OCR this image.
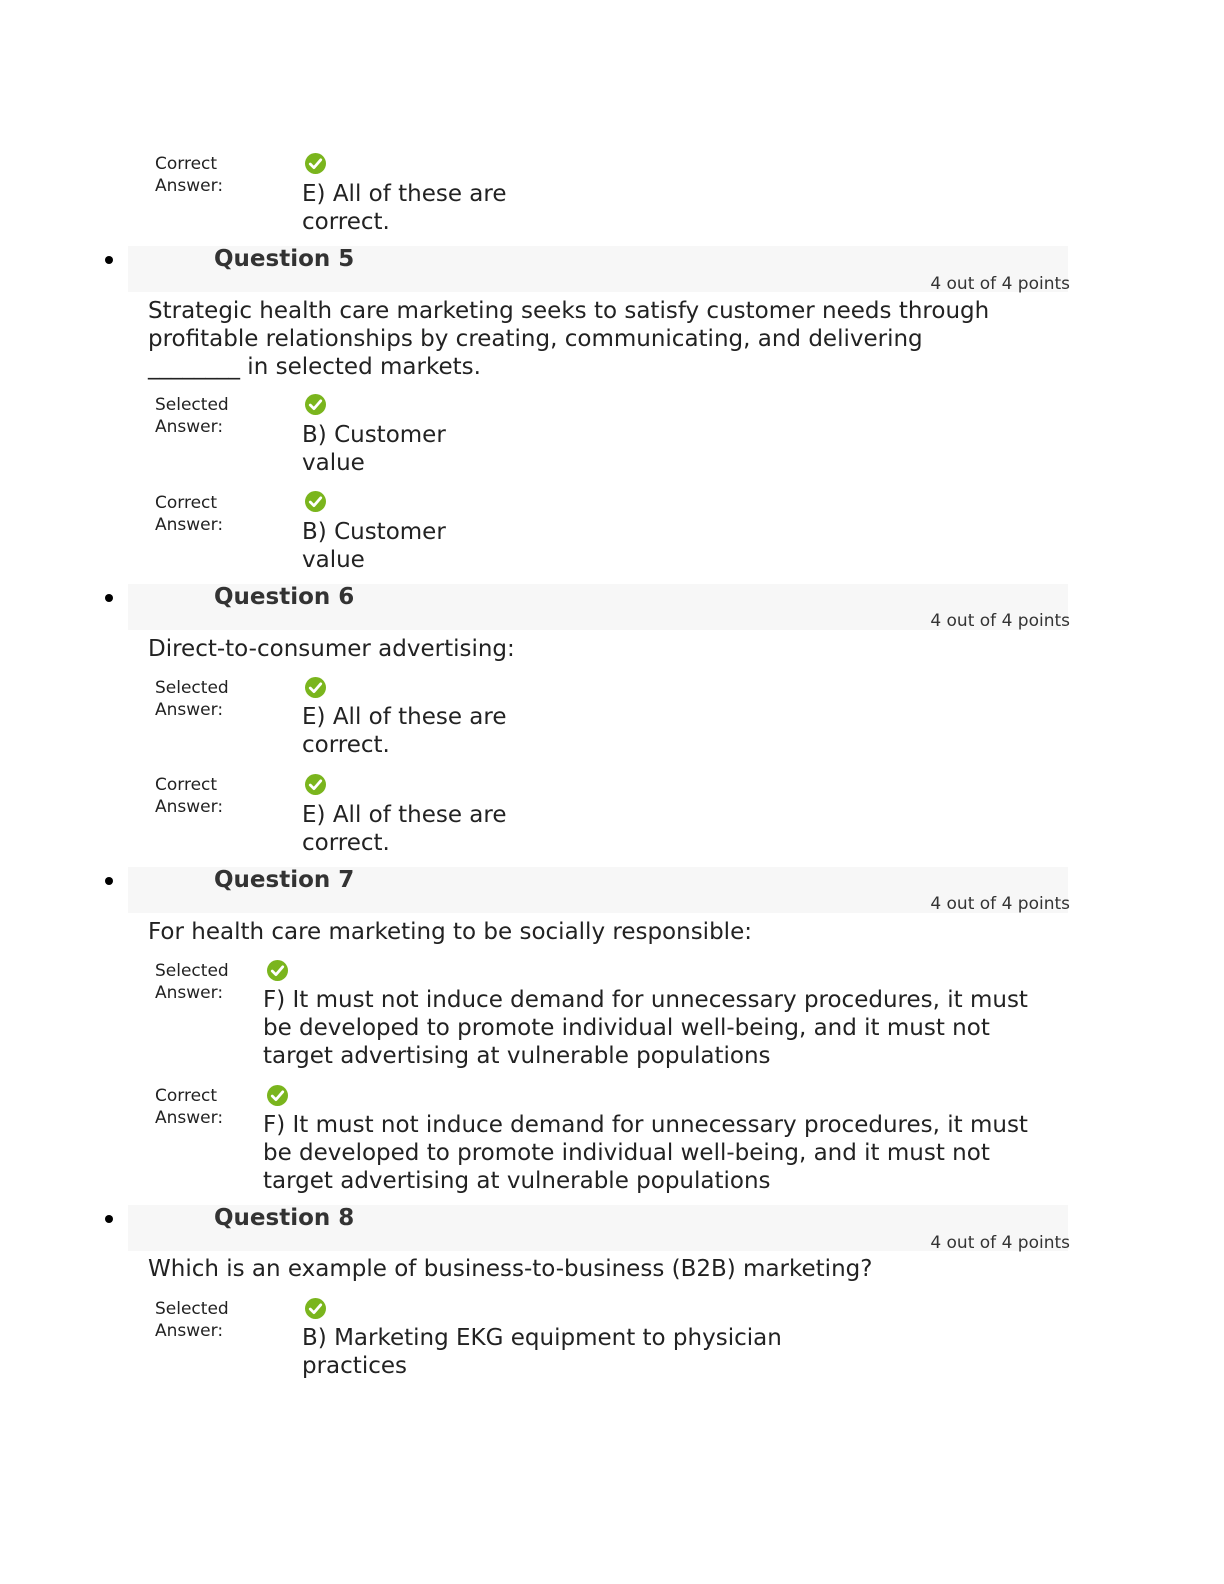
Correct Answer:	E) All of these are correct.
Question 5
4 out of 4 points
Strategic health care marketing seeks to satisfy customer needs through profitable relationships by creating, communicating, and delivering
________ in selected markets.
Selected Answer:	B) Customer value
Correct Answer:	B) Customer value
Question 6
4 out of 4 points
Direct-to-consumer advertising:
Selected Answer:	E) All of these are correct.
Correct Answer:	E) All of these are correct.
Question 7
4 out of 4 points
For health care marketing to be socially responsible:
Selected Answer:	F) It must not induce demand for unnecessary procedures, it must be developed to promote individual well-being, and it must not target advertising at vulnerable populations
Correct Answer:	F) It must not induce demand for unnecessary procedures, it must be developed to promote individual well-being, and it must not target advertising at vulnerable populations
Question 8
4 out of 4 points
Which is an example of business-to-business (B2B) marketing?
Selected Answer:	B) Marketing EKG equipment to physician practices
